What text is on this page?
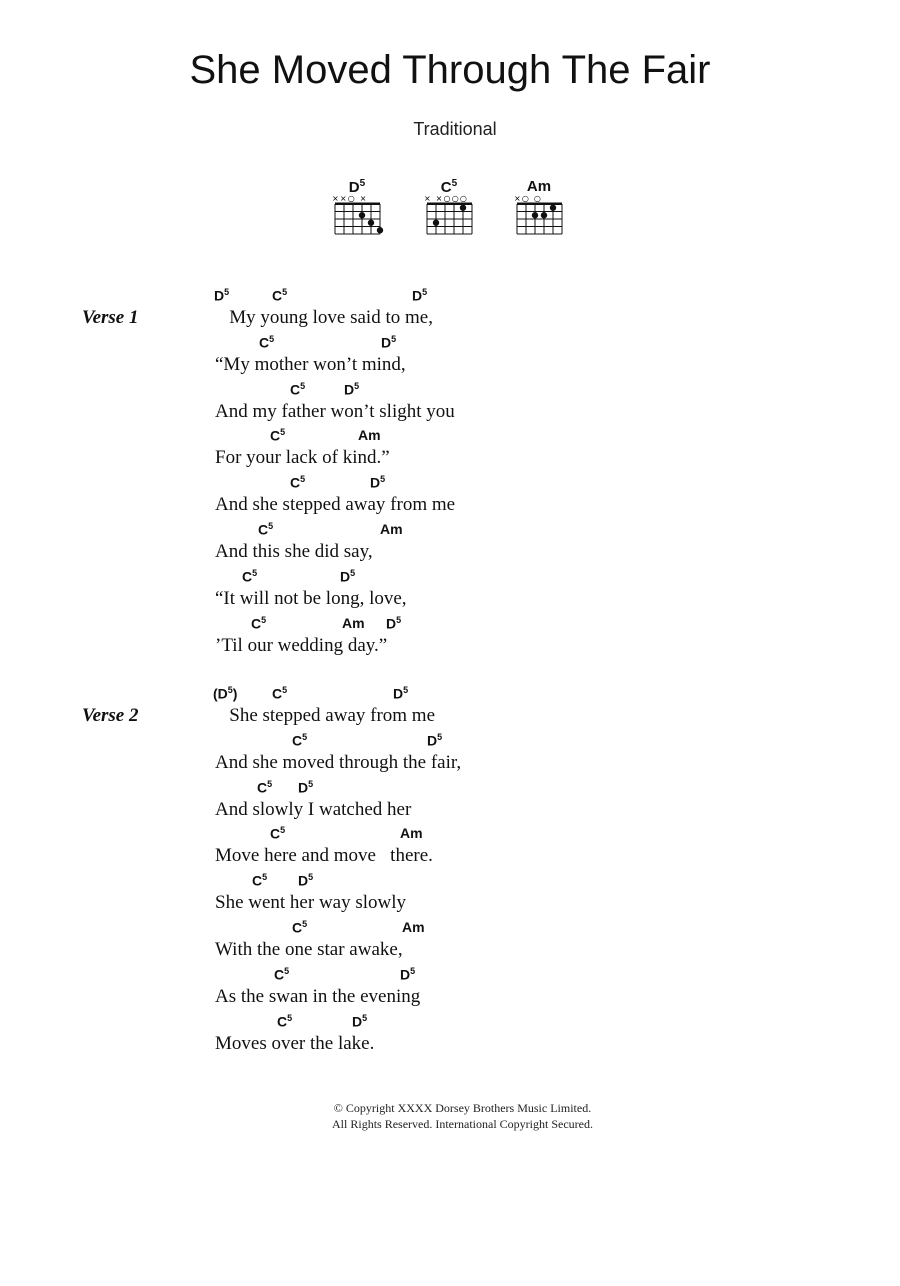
She Moved Through The Fair
Traditional
$D^5$
××○ ×
$C^5$
× ×○○○
Am
×○ ○
Verse 1	My young love said to me,
$D^5$	$C^5$	$D^5$
“My mother won’t mind,
$C^5$	$D^5$
And my father won’t slight you
$C^5$	$D^5$
For your lack of kind.”
$C^5$	Am
And she stepped away from me
$C^5$	$D^5$
And this she did say,
$C^5$	Am
“It will not be long, love,
$C^5$	$D^5$
’Til our wedding day.”
$C^5$	Am $D^5$
Verse 2	She stepped away from me
$(D^5)$ $C^5$	$D^5$
And she moved through the fair,
$C^5$	$D^5$
And slowly I watched her
$C^5$ $D^5$
Move here and move   there.
$C^5$	Am
She went her way slowly
$C^5$ $D^5$
With the one star awake,
$C^5$	Am
As the swan in the evening
$C^5$	$D^5$
Moves over the lake.
$C^5$	$D^5$
© Copyright XXXX Dorsey Brothers Music Limited.
All Rights Reserved. International Copyright Secured.
